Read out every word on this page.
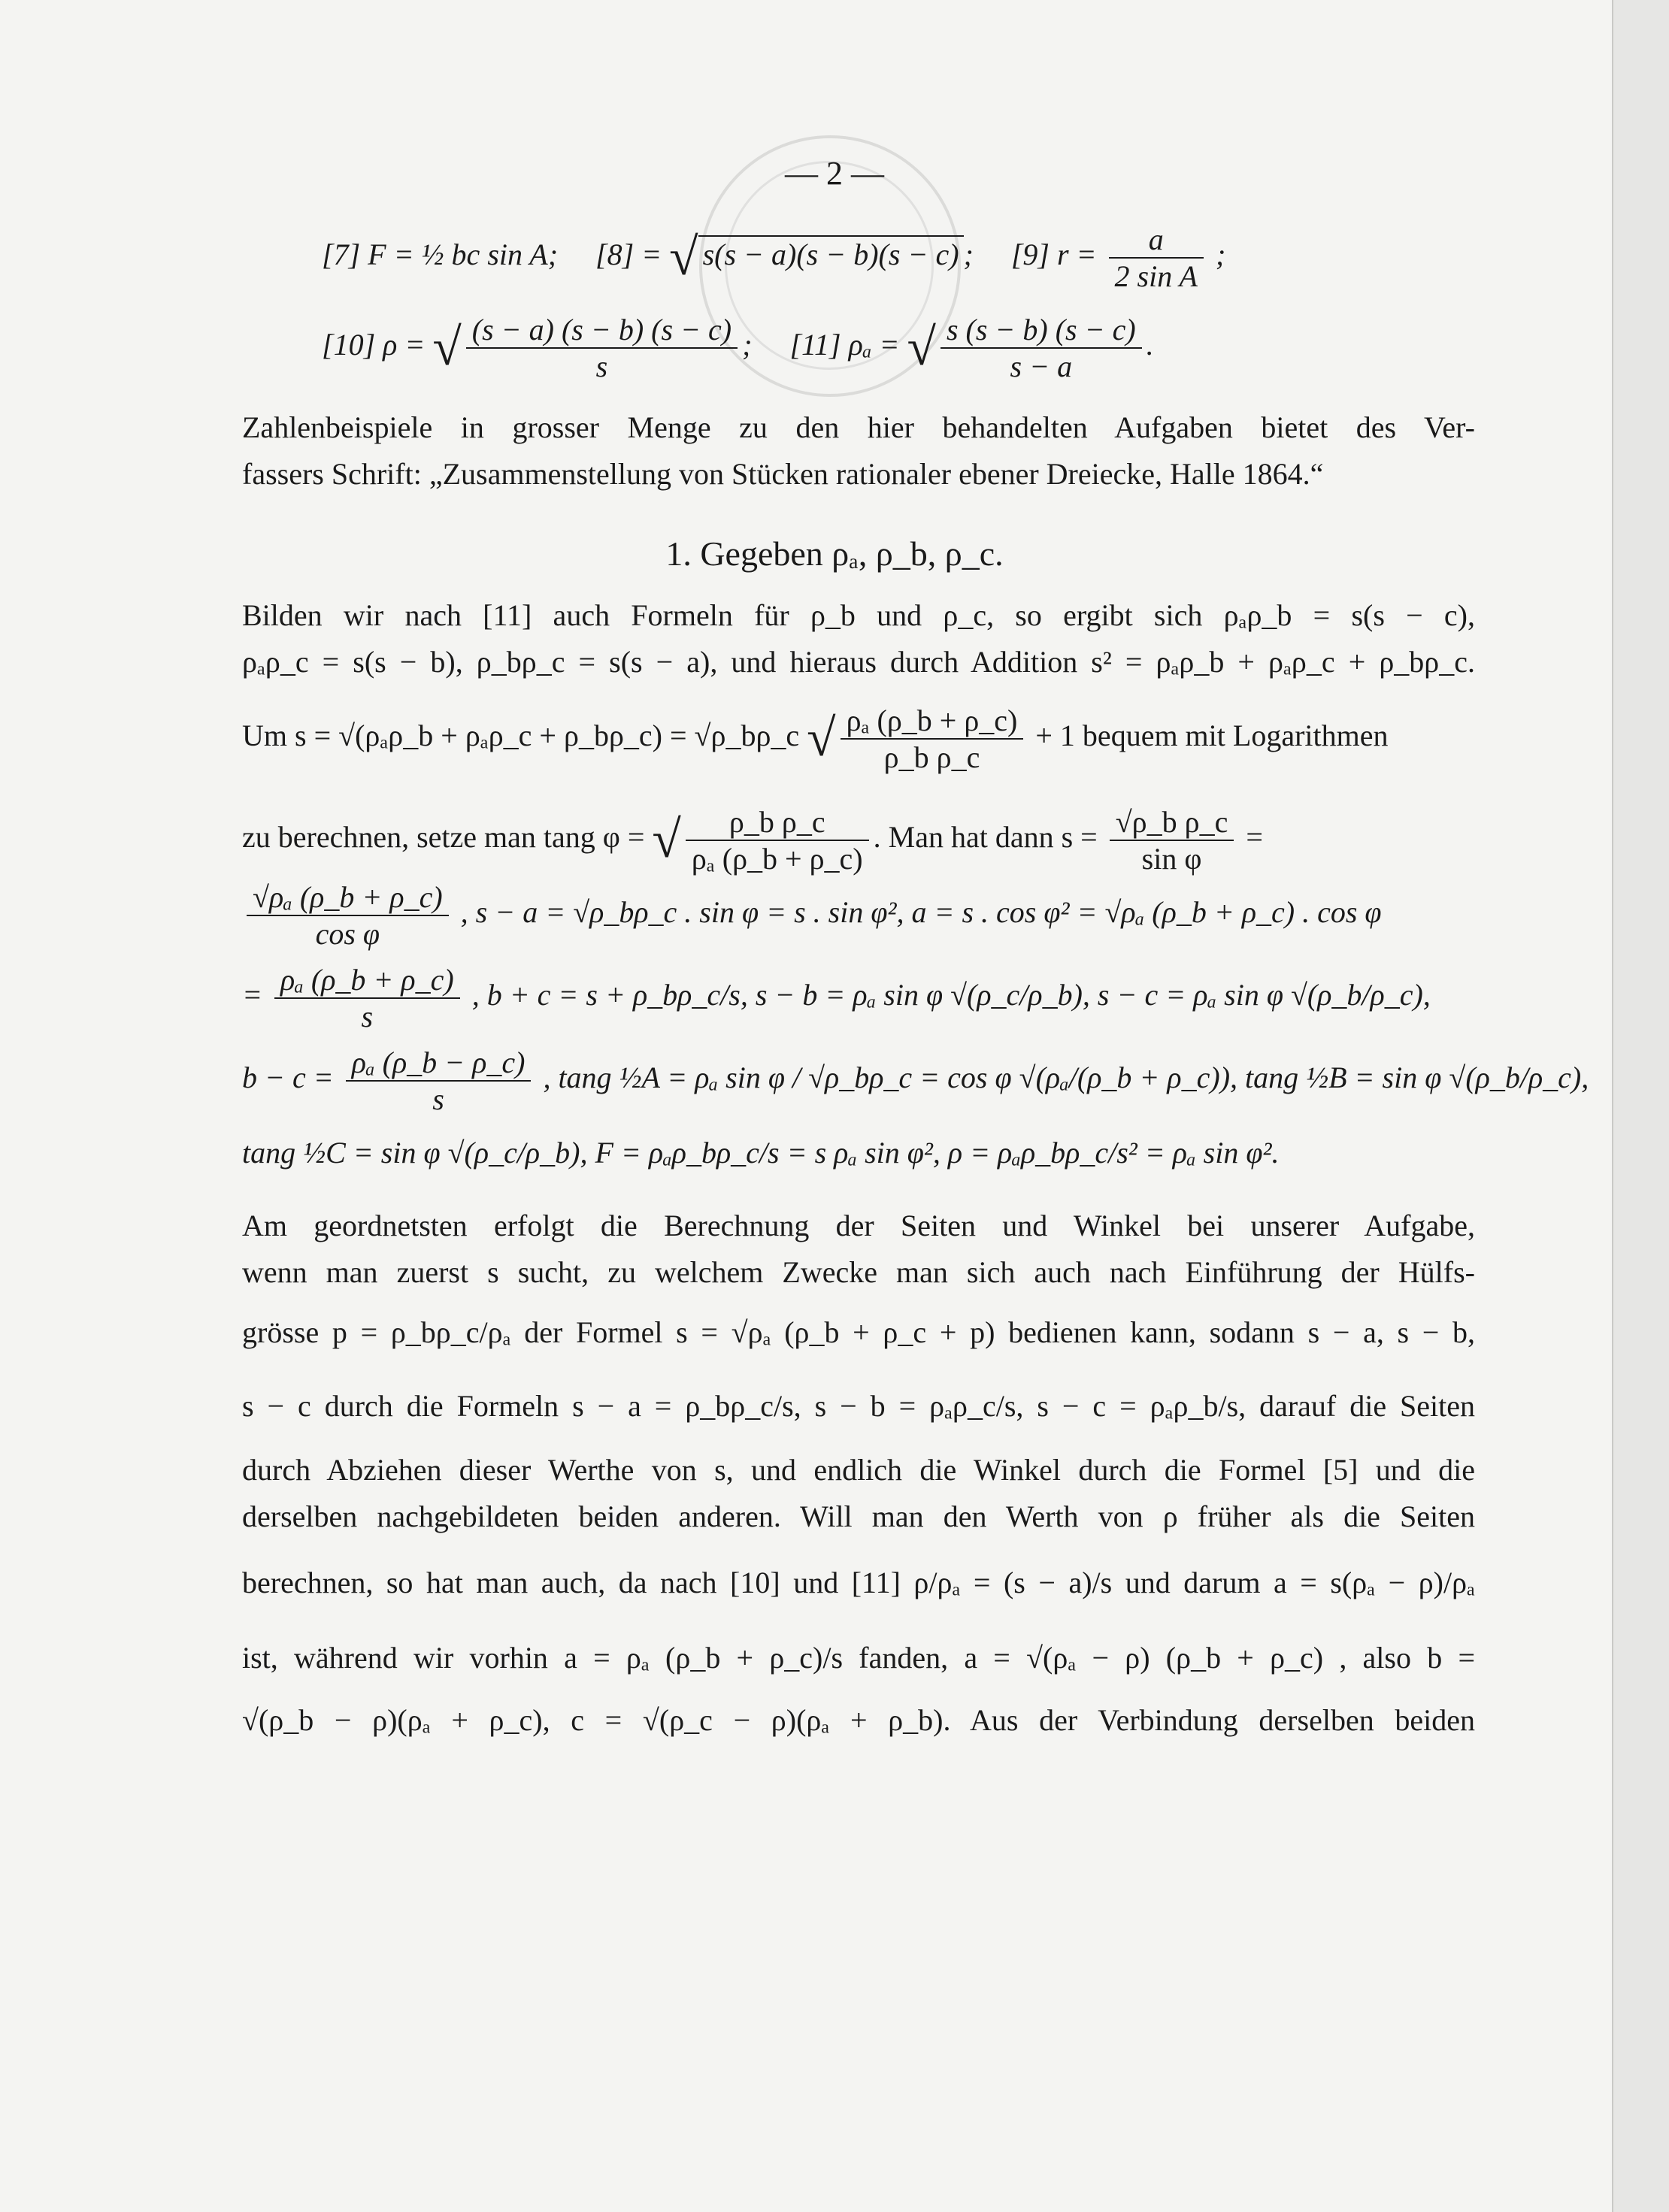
— 2 —
[7] F = ½ bc sin A; [8] = √ s(s − a)(s − b)(s − c) ;     [9] $r = \frac{a}{\text{2 sin A}}$ ;
[10] ρ = √ $\frac{(s - a) (s - b) (s - c)}{s}$ ;     [11] ρₐ = √ $\frac{s (s - b) (s - c)}{s - a}$ .
Zahlenbeispiele in grosser Menge zu den hier behandelten Aufgaben bietet des Ver-
fassers Schrift: „Zusammenstellung von Stücken rationaler ebener Dreiecke, Halle 1864.“
1. Gegeben ρₐ, ρ_b, ρ_c.
Bilden wir nach [11] auch Formeln für ρ_b und ρ_c, so ergibt sich ρₐρ_b = s(s − c),
ρₐρ_c = s(s − b), ρ_bρ_c = s(s − a), und hieraus durch Addition s² = ρₐρ_b + ρₐρ_c + ρ_bρ_c.
Um s = √(ρₐρ_b + ρₐρ_c + ρ_bρ_c) = √ρ_bρ_c √ $\frac{\text{ρₐ (ρ\_b + ρ\_c)}}{\text{ρ\_b ρ\_c}} + 1$ bequem mit Logarithmen
zu berechnen, setze man tang φ = √ $\frac{\text{ρ\_b ρ\_c}}{\text{ρₐ (ρ\_b + ρ\_c)}}$ . Man hat dann $s = \frac{\text{√ρ\_b ρ\_c}}{\text{sin φ}}$ =
$\frac{\text{√ρₐ (ρ\_b + ρ\_c)}}{\text{cos φ}}$ , s − a = √ρ_bρ_c . sin φ = s . sin φ², a = s . cos φ² = √ρₐ (ρ_b + ρ_c) . cos φ
= $\frac{\text{ρₐ (ρ\_b + ρ\_c)}}{s}$ , b + c = s + ρ_bρ_c/s, s − b = ρₐ sin φ √(ρ_c/ρ_b), s − c = ρₐ sin φ √(ρ_b/ρ_c),
$b - c = \frac{\text{ρₐ (ρ\_b − ρ\_c)}}{s}$ , tang ½A = ρₐ sin φ / √ρ_bρ_c = cos φ √(ρₐ/(ρ_b + ρ_c)), tang ½B = sin φ √(ρ_b/ρ_c),
tang ½C = sin φ √(ρ_c/ρ_b), F = ρₐρ_bρ_c/s = s ρₐ sin φ², ρ = ρₐρ_bρ_c/s² = ρₐ sin φ².
Am geordnetsten erfolgt die Berechnung der Seiten und Winkel bei unserer Aufgabe,
wenn man zuerst s sucht, zu welchem Zwecke man sich auch nach Einführung der Hülfs-
grösse p = ρ_bρ_c/ρₐ der Formel s = √ρₐ (ρ_b + ρ_c + p) bedienen kann, sodann s − a, s − b,
s − c durch die Formeln s − a = ρ_bρ_c/s, s − b = ρₐρ_c/s, s − c = ρₐρ_b/s, darauf die Seiten
durch Abziehen dieser Werthe von s, und endlich die Winkel durch die Formel [5] und die
derselben nachgebildeten beiden anderen. Will man den Werth von ρ früher als die Seiten
berechnen, so hat man auch, da nach [10] und [11] ρ/ρₐ = (s − a)/s und darum a = s(ρₐ − ρ)/ρₐ
ist, während wir vorhin a = ρₐ (ρ_b + ρ_c)/s fanden, a = √(ρₐ − ρ) (ρ_b + ρ_c) , also b =
√(ρ_b − ρ)(ρₐ + ρ_c), c = √(ρ_c − ρ)(ρₐ + ρ_b). Aus der Verbindung derselben beiden
